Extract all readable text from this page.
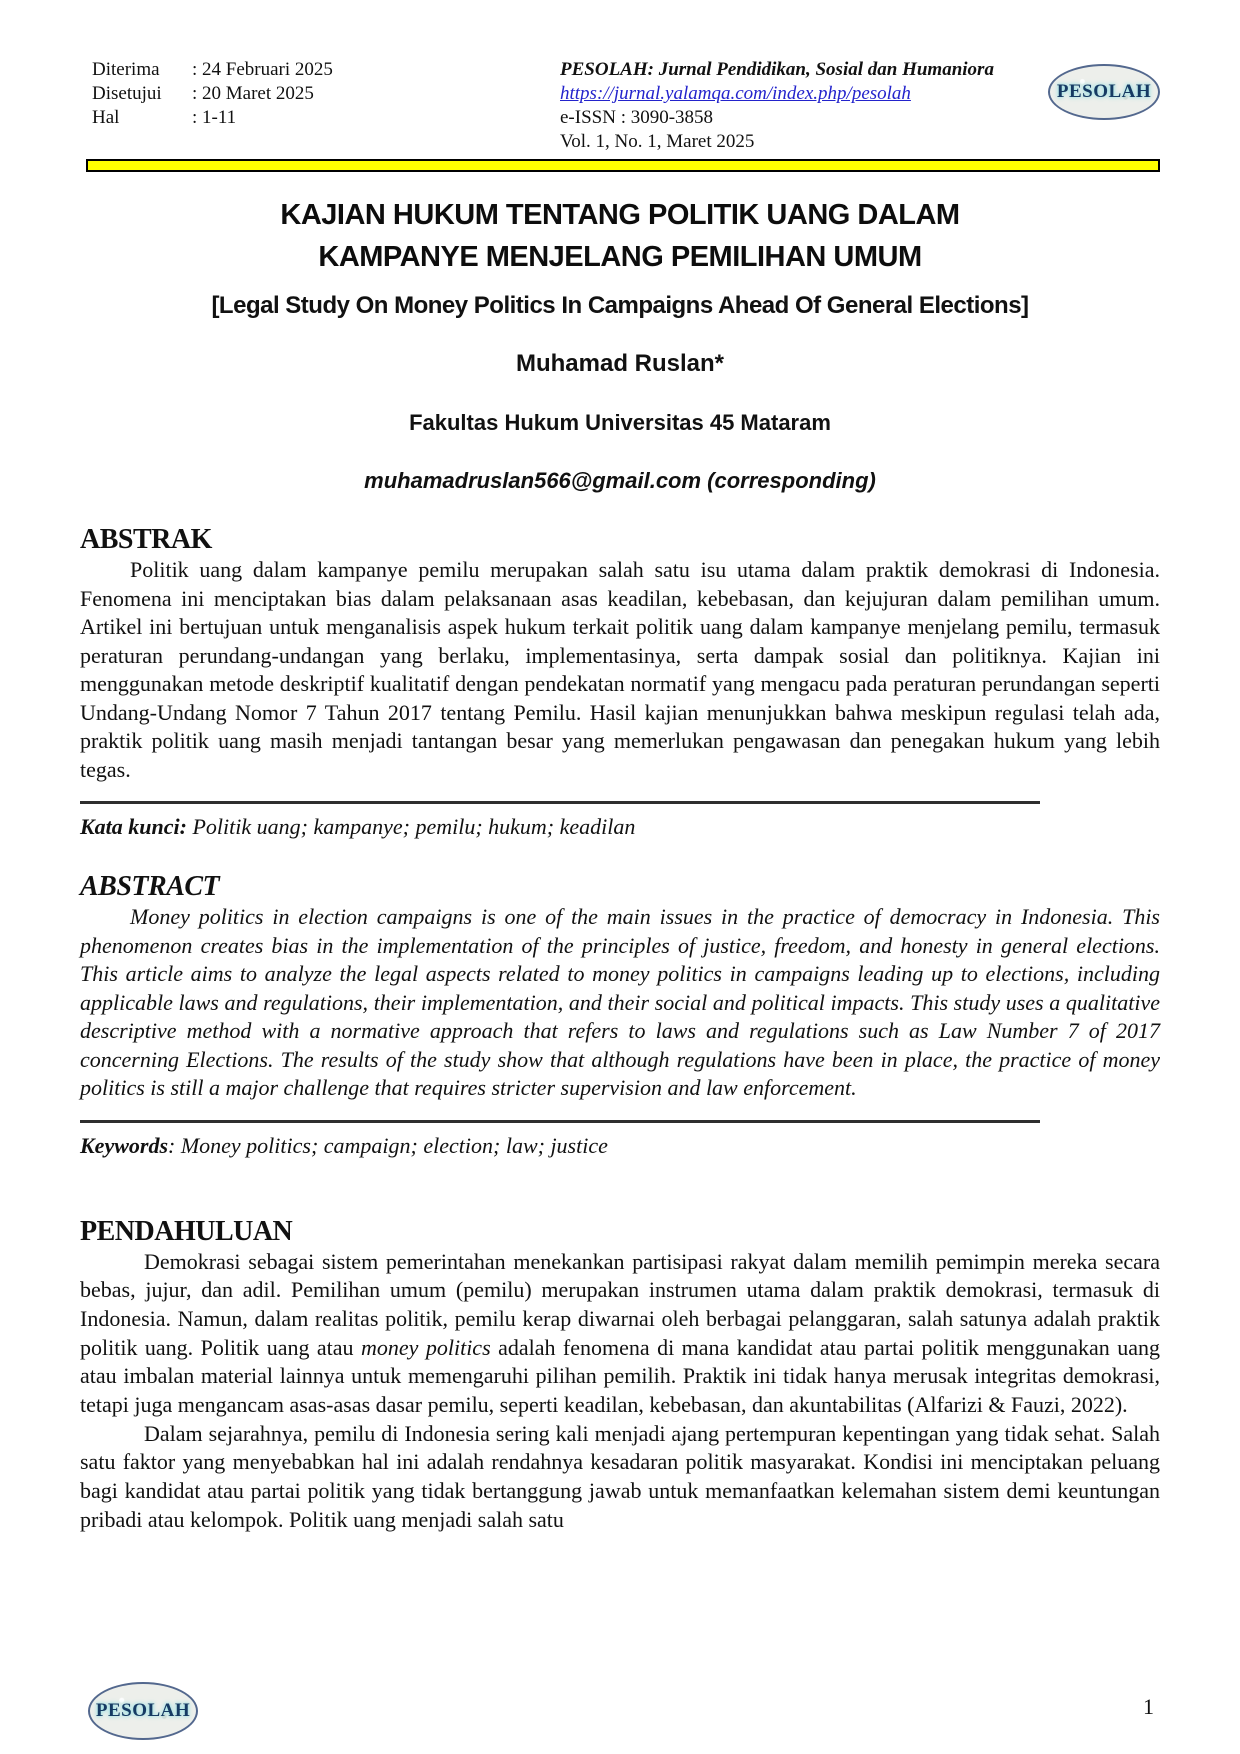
Diterima	: 24 Februari 2025
Disetujui	: 20 Maret 2025
Hal	: 1-11
PESOLAH: Jurnal Pendidikan, Sosial dan Humaniora
https://jurnal.yalamqa.com/index.php/pesolah
e-ISSN : 3090-3858
Vol. 1, No. 1, Maret 2025
PESOLAH
KAJIAN HUKUM TENTANG POLITIK UANG DALAM
KAMPANYE MENJELANG PEMILIHAN UMUM
[Legal Study On Money Politics In Campaigns Ahead Of General Elections]
Muhamad Ruslan*
Fakultas Hukum Universitas 45 Mataram
muhamadruslan566@gmail.com (corresponding)
ABSTRAK

Politik uang dalam kampanye pemilu merupakan salah satu isu utama dalam praktik demokrasi di Indonesia. Fenomena ini menciptakan bias dalam pelaksanaan asas keadilan, kebebasan, dan kejujuran dalam pemilihan umum. Artikel ini bertujuan untuk menganalisis aspek hukum terkait politik uang dalam kampanye menjelang pemilu, termasuk peraturan perundang-undangan yang berlaku, implementasinya, serta dampak sosial dan politiknya. Kajian ini menggunakan metode deskriptif kualitatif dengan pendekatan normatif yang mengacu pada peraturan perundangan seperti Undang-Undang Nomor 7 Tahun 2017 tentang Pemilu. Hasil kajian menunjukkan bahwa meskipun regulasi telah ada, praktik politik uang masih menjadi tantangan besar yang memerlukan pengawasan dan penegakan hukum yang lebih tegas.

Kata kunci: Politik uang; kampanye; pemilu; hukum; keadilan

ABSTRACT

Money politics in election campaigns is one of the main issues in the practice of democracy in Indonesia. This phenomenon creates bias in the implementation of the principles of justice, freedom, and honesty in general elections. This article aims to analyze the legal aspects related to money politics in campaigns leading up to elections, including applicable laws and regulations, their implementation, and their social and political impacts. This study uses a qualitative descriptive method with a normative approach that refers to laws and regulations such as Law Number 7 of 2017 concerning Elections. The results of the study show that although regulations have been in place, the practice of money politics is still a major challenge that requires stricter supervision and law enforcement.

Keywords: Money politics; campaign; election; law; justice

PENDAHULUAN

Demokrasi sebagai sistem pemerintahan menekankan partisipasi rakyat dalam memilih pemimpin mereka secara bebas, jujur, dan adil. Pemilihan umum (pemilu) merupakan instrumen utama dalam praktik demokrasi, termasuk di Indonesia. Namun, dalam realitas politik, pemilu kerap diwarnai oleh berbagai pelanggaran, salah satunya adalah praktik politik uang. Politik uang atau money politics adalah fenomena di mana kandidat atau partai politik menggunakan uang atau imbalan material lainnya untuk memengaruhi pilihan pemilih. Praktik ini tidak hanya merusak integritas demokrasi, tetapi juga mengancam asas-asas dasar pemilu, seperti keadilan, kebebasan, dan akuntabilitas (Alfarizi & Fauzi, 2022).

Dalam sejarahnya, pemilu di Indonesia sering kali menjadi ajang pertempuran kepentingan yang tidak sehat. Salah satu faktor yang menyebabkan hal ini adalah rendahnya kesadaran politik masyarakat. Kondisi ini menciptakan peluang bagi kandidat atau partai politik yang tidak bertanggung jawab untuk memanfaatkan kelemahan sistem demi keuntungan pribadi atau kelompok. Politik uang menjadi salah satu

PESOLAH	1
